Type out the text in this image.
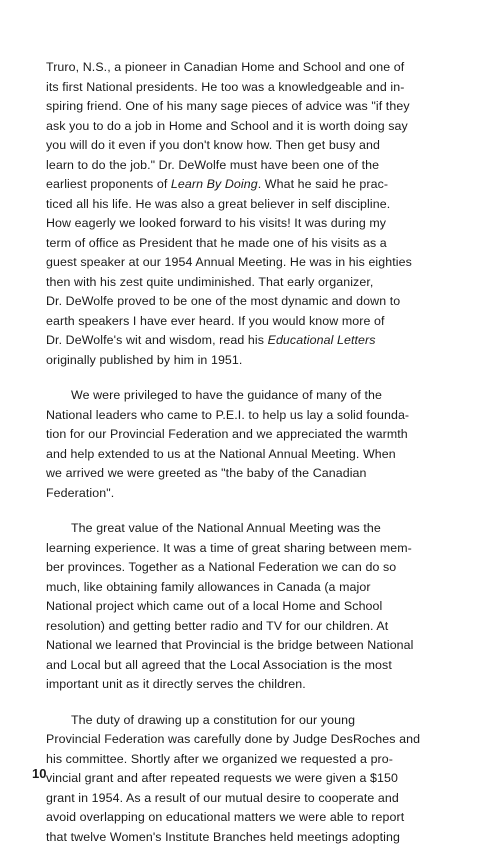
Truro, N.S., a pioneer in Canadian Home and School and one of
its first National presidents. He too was a knowledgeable and in-
spiring friend. One of his many sage pieces of advice was "if they
ask you to do a job in Home and School and it is worth doing say
you will do it even if you don't know how. Then get busy and
learn to do the job." Dr. DeWolfe must have been one of the
earliest proponents of Learn By Doing. What he said he prac-
ticed all his life. He was also a great believer in self discipline.
How eagerly we looked forward to his visits! It was during my
term of office as President that he made one of his visits as a
guest speaker at our 1954 Annual Meeting. He was in his eighties
then with his zest quite undiminished. That early organizer,
Dr. DeWolfe proved to be one of the most dynamic and down to
earth speakers I have ever heard. If you would know more of
Dr. DeWolfe's wit and wisdom, read his Educational Letters
originally published by him in 1951.
We were privileged to have the guidance of many of the
National leaders who came to P.E.I. to help us lay a solid founda-
tion for our Provincial Federation and we appreciated the warmth
and help extended to us at the National Annual Meeting. When
we arrived we were greeted as "the baby of the Canadian
Federation".
The great value of the National Annual Meeting was the
learning experience. It was a time of great sharing between mem-
ber provinces. Together as a National Federation we can do so
much, like obtaining family allowances in Canada (a major
National project which came out of a local Home and School
resolution) and getting better radio and TV for our children. At
National we learned that Provincial is the bridge between National
and Local but all agreed that the Local Association is the most
important unit as it directly serves the children.
The duty of drawing up a constitution for our young
Provincial Federation was carefully done by Judge DesRoches and
his committee. Shortly after we organized we requested a pro-
vincial grant and after repeated requests we were given a $150
grant in 1954. As a result of our mutual desire to cooperate and
avoid overlapping on educational matters we were able to report
that twelve Women's Institute Branches held meetings adopting
10
